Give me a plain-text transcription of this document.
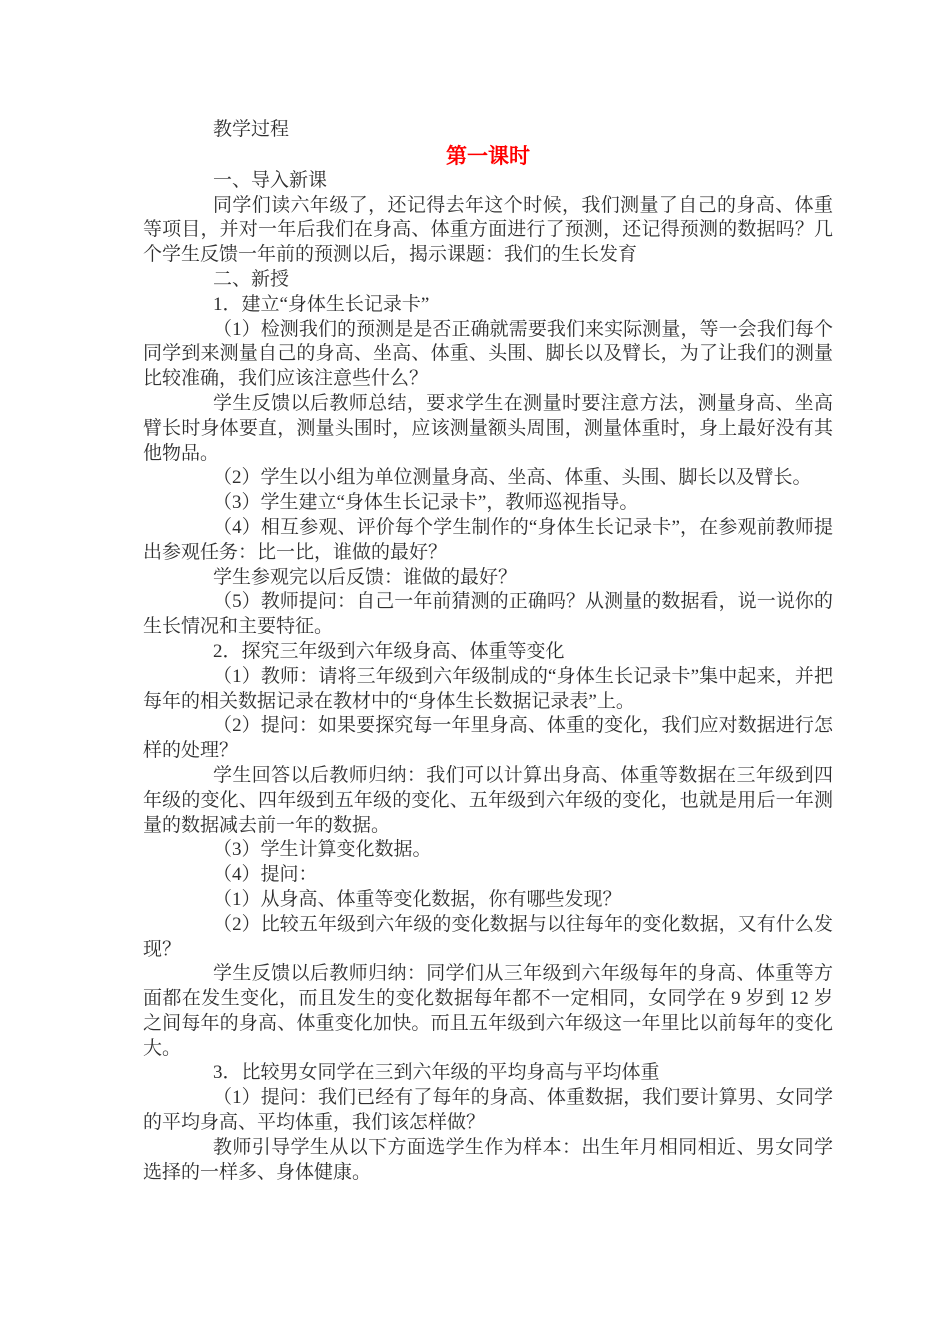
教学过程

第一课时

一、导入新课

同学们读六年级了，还记得去年这个时候，我们测量了自己的身高、体重等项目，并对一年后我们在身高、体重方面进行了预测，还记得预测的数据吗？几个学生反馈一年前的预测以后，揭示课题：我们的生长发育

二、新授

1．建立“身体生长记录卡”

（1）检测我们的预测是是否正确就需要我们来实际测量，等一会我们每个同学到来测量自己的身高、坐高、体重、头围、脚长以及臂长，为了让我们的测量比较准确，我们应该注意些什么？

学生反馈以后教师总结，要求学生在测量时要注意方法，测量身高、坐高臂长时身体要直，测量头围时，应该测量额头周围，测量体重时，身上最好没有其他物品。

（2）学生以小组为单位测量身高、坐高、体重、头围、脚长以及臂长。

（3）学生建立“身体生长记录卡”，教师巡视指导。

（4）相互参观、评价每个学生制作的“身体生长记录卡”，在参观前教师提出参观任务：比一比，谁做的最好？

学生参观完以后反馈：谁做的最好？

（5）教师提问：自己一年前猜测的正确吗？从测量的数据看，说一说你的生长情况和主要特征。

2．探究三年级到六年级身高、体重等变化

（1）教师：请将三年级到六年级制成的“身体生长记录卡”集中起来，并把每年的相关数据记录在教材中的“身体生长数据记录表”上。

（2）提问：如果要探究每一年里身高、体重的变化，我们应对数据进行怎样的处理？

学生回答以后教师归纳：我们可以计算出身高、体重等数据在三年级到四年级的变化、四年级到五年级的变化、五年级到六年级的变化，也就是用后一年测量的数据减去前一年的数据。

（3）学生计算变化数据。

（4）提问：

（1）从身高、体重等变化数据，你有哪些发现？

（2）比较五年级到六年级的变化数据与以往每年的变化数据，又有什么发现？

学生反馈以后教师归纳：同学们从三年级到六年级每年的身高、体重等方面都在发生变化，而且发生的变化数据每年都不一定相同，女同学在 9 岁到 12 岁之间每年的身高、体重变化加快。而且五年级到六年级这一年里比以前每年的变化大。

3．比较男女同学在三到六年级的平均身高与平均体重

（1）提问：我们已经有了每年的身高、体重数据，我们要计算男、女同学的平均身高、平均体重，我们该怎样做？

教师引导学生从以下方面选学生作为样本：出生年月相同相近、男女同学选择的一样多、身体健康。
